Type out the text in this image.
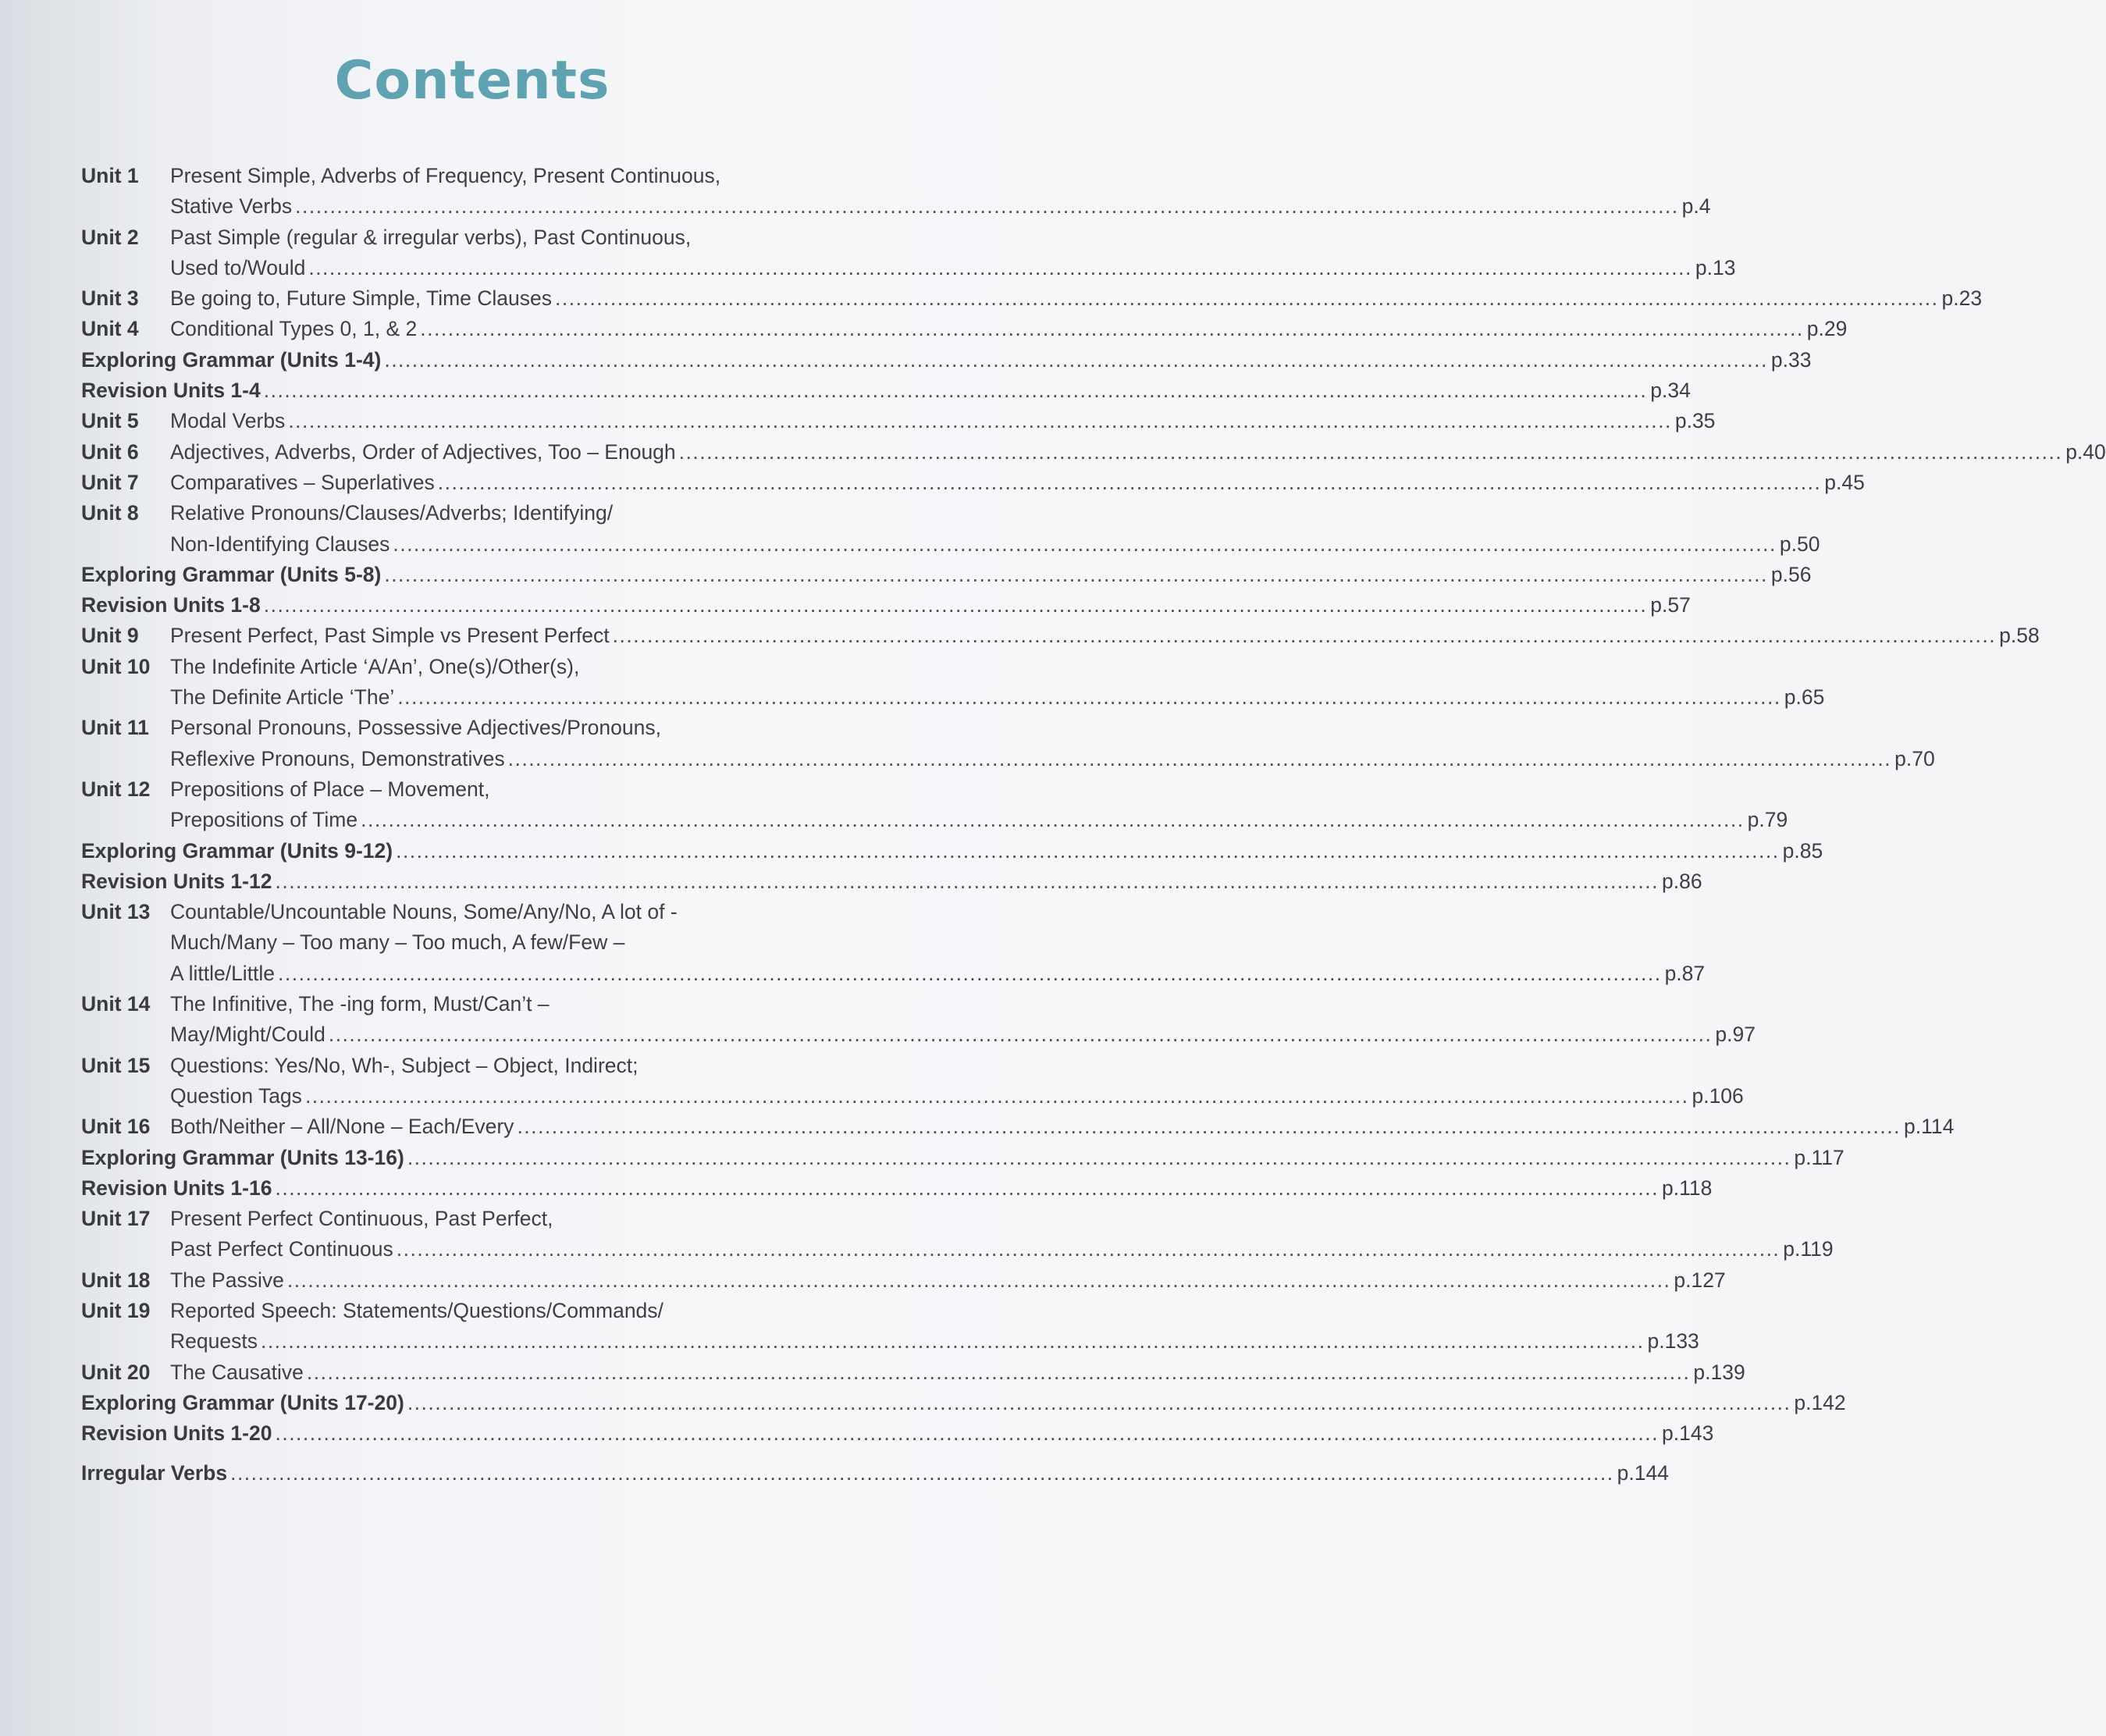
Contents
Unit 1 Present Simple, Adverbs of Frequency, Present Continuous,
Stative Verbs ........................................................................................................................................................................................................ p. 4
Unit 2 Past Simple (regular & irregular verbs), Past Continuous,
Used to/Would ........................................................................................................................................................................................................ p. 13
Unit 3 Be going to, Future Simple, Time Clauses ........................................................................................................................................................................................................ p. 23
Unit 4 Conditional Types 0, 1, & 2 ........................................................................................................................................................................................................ p. 29
Exploring Grammar (Units 1-4) ........................................................................................................................................................................................................ p. 33
Revision Units 1-4 ........................................................................................................................................................................................................ p. 34
Unit 5 Modal Verbs ........................................................................................................................................................................................................ p. 35
Unit 6 Adjectives, Adverbs, Order of Adjectives, Too – Enough ........................................................................................................................................................................................................ p. 40
Unit 7 Comparatives – Superlatives ........................................................................................................................................................................................................ p. 45
Unit 8 Relative Pronouns/Clauses/Adverbs; Identifying/
Non-Identifying Clauses ........................................................................................................................................................................................................ p. 50
Exploring Grammar (Units 5-8) ........................................................................................................................................................................................................ p. 56
Revision Units 1-8 ........................................................................................................................................................................................................ p. 57
Unit 9 Present Perfect, Past Simple vs Present Perfect ........................................................................................................................................................................................................ p. 58
Unit 10 The Indefinite Article ‘A/An’, One(s)/Other(s),
The Definite Article ‘The’ ........................................................................................................................................................................................................ p. 65
Unit 11 Personal Pronouns, Possessive Adjectives/Pronouns,
Reflexive Pronouns, Demonstratives ........................................................................................................................................................................................................ p. 70
Unit 12 Prepositions of Place – Movement,
Prepositions of Time ........................................................................................................................................................................................................ p. 79
Exploring Grammar (Units 9-12) ........................................................................................................................................................................................................ p. 85
Revision Units 1-12 ........................................................................................................................................................................................................ p. 86
Unit 13 Countable/Uncountable Nouns, Some/Any/No, A lot of -
Much/Many – Too many – Too much, A few/Few –
A little/Little ........................................................................................................................................................................................................ p. 87
Unit 14 The Infinitive, The -ing form, Must/Can’t –
May/Might/Could ........................................................................................................................................................................................................ p. 97
Unit 15 Questions: Yes/No, Wh-, Subject – Object, Indirect;
Question Tags ........................................................................................................................................................................................................ p. 106
Unit 16 Both/Neither – All/None – Each/Every ........................................................................................................................................................................................................ p. 114
Exploring Grammar (Units 13-16) ........................................................................................................................................................................................................ p. 117
Revision Units 1-16 ........................................................................................................................................................................................................ p. 118
Unit 17 Present Perfect Continuous, Past Perfect,
Past Perfect Continuous ........................................................................................................................................................................................................ p. 119
Unit 18 The Passive ........................................................................................................................................................................................................ p. 127
Unit 19 Reported Speech: Statements/Questions/Commands/
Requests ........................................................................................................................................................................................................ p. 133
Unit 20 The Causative ........................................................................................................................................................................................................ p. 139
Exploring Grammar (Units 17-20) ........................................................................................................................................................................................................ p. 142
Revision Units 1-20 ........................................................................................................................................................................................................ p. 143
Irregular Verbs ........................................................................................................................................................................................................ p. 144
